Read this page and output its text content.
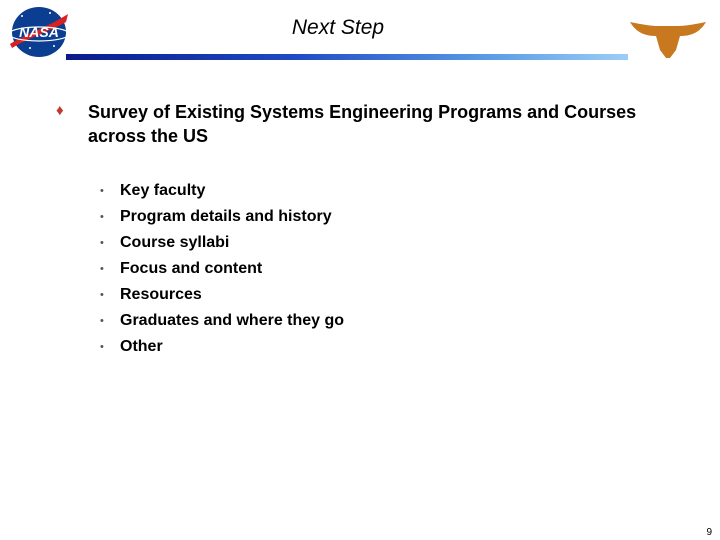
NASA	Next Step
♦	Survey of Existing Systems Engineering Programs and Courses across the US
•	Key faculty
•	Program details and history
•	Course syllabi
•	Focus and content
•	Resources
•	Graduates and where they go
•	Other
9
